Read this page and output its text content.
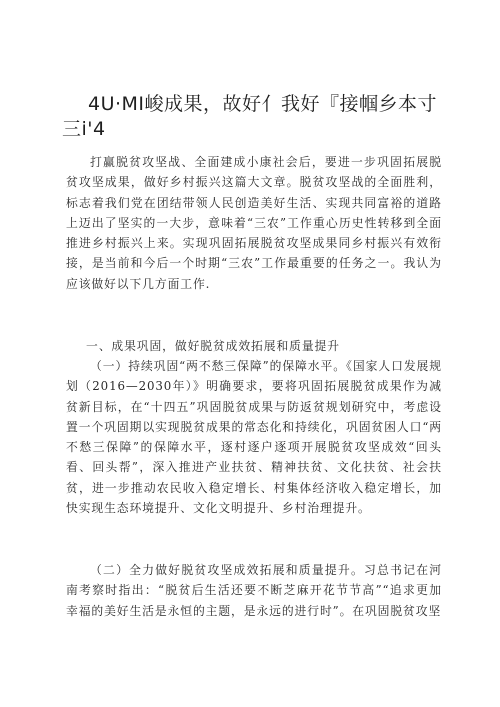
4U·MI峻成果，故好亻我好『接帼乡本寸
三i'4

打赢脱贫攻坚战、全面建成小康社会后，要进一步巩固拓展脱贫攻坚成果，做好乡村振兴这篇大文章。脱贫攻坚战的全面胜利，标志着我们党在团结带领人民创造美好生活、实现共同富裕的道路上迈出了坚实的一大步，意味着“三农”工作重心历史性转移到全面推进乡村振兴上来。实现巩固拓展脱贫攻坚成果同乡村振兴有效衔接，是当前和今后一个时期“三农”工作最重要的任务之一。我认为应该做好以下几方面工作.

一、成果巩固，做好脱贫成效拓展和质量提升

（一）持续巩固“两不愁三保障”的保障水平。《国家人口发展规划（2016—2030年）》明确要求，要将巩固拓展脱贫成果作为减贫新目标，在“十四五”巩固脱贫成果与防返贫规划研究中，考虑设置一个巩固期以实现脱贫成果的常态化和持续化，巩固贫困人口“两不愁三保障”的保障水平，逐村逐户逐项开展脱贫攻坚成效“回头看、回头帮”，深入推进产业扶贫、精神扶贫、文化扶贫、社会扶贫，进一步推动农民收入稳定增长、村集体经济收入稳定增长，加快实现生态环境提升、文化文明提升、乡村治理提升。

（二）全力做好脱贫攻坚成效拓展和质量提升。习总书记在河南考察时指出：“脱贫后生活还要不断芝麻开花节节高”“追求更加幸福的美好生活是永恒的主题，是永远的进行时”。在巩固脱贫攻坚
